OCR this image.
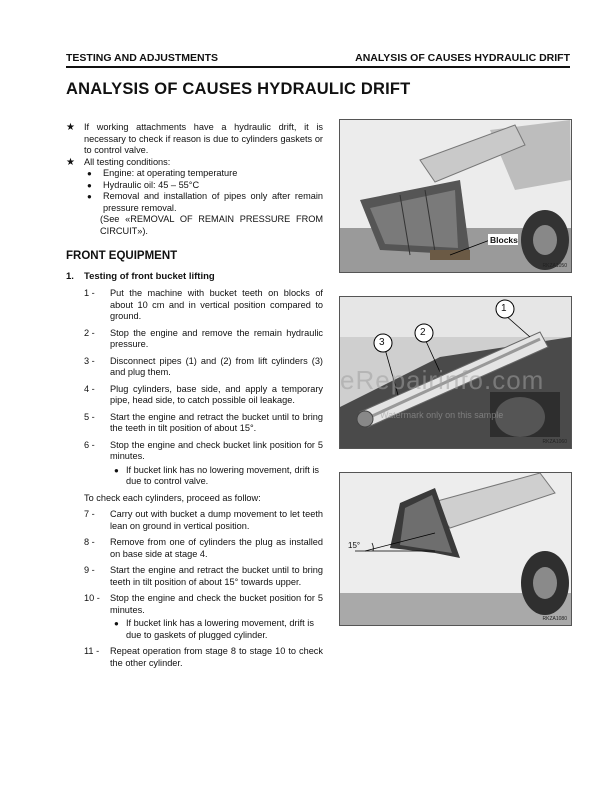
TESTING AND ADJUSTMENTS	ANALYSIS OF CAUSES HYDRAULIC DRIFT
ANALYSIS OF CAUSES HYDRAULIC DRIFT
★ If working attachments have a hydraulic drift, it is necessary to check if reason is due to cylinders gaskets or to control valve.
★ All testing conditions:
●	Engine: at operating temperature
●	Hydraulic oil: 45 – 55°C
●	Removal and installation of pipes only after remain pressure removal.
(See «REMOVAL OF REMAIN PRESSURE FROM CIRCUIT»).
FRONT EQUIPMENT
1.	Testing of front bucket lifting
1 -	Put the machine with bucket teeth on blocks of about 10 cm and in vertical position compared to ground.
2 -	Stop the engine and remove the remain hydraulic pressure.
3 -	Disconnect pipes (1) and (2) from lift cylinders (3) and plug them.
4 -	Plug cylinders, base side, and apply a temporary pipe, head side, to catch possible oil leakage.
5 -	Start the engine and retract the bucket until to bring the teeth in tilt position of about 15°.
6 -	Stop the engine and check bucket link position for 5 minutes.
● If bucket link has no lowering movement, drift is due to control valve.
To check each cylinders, proceed as follow:
7 -	Carry out with bucket a dump movement to let teeth lean on ground in vertical position.
8 -	Remove from one of cylinders the plug as installed on base side at stage 4.
9 -	Start the engine and retract the bucket until to bring teeth in tilt position of about 15° towards upper.
10 -	Stop the engine and check the bucket position for 5 minutes.
● If bucket link has a lowering movement, drift is due to gaskets of plugged cylinder.
11 -	Repeat operation from stage 8 to stage 10 to check the other cylinder.
Blocks
RKZA1050
1
2
3
RKZA1060
15°
RKZA1080
eRepairinfo.com
Watermark only on this sample
